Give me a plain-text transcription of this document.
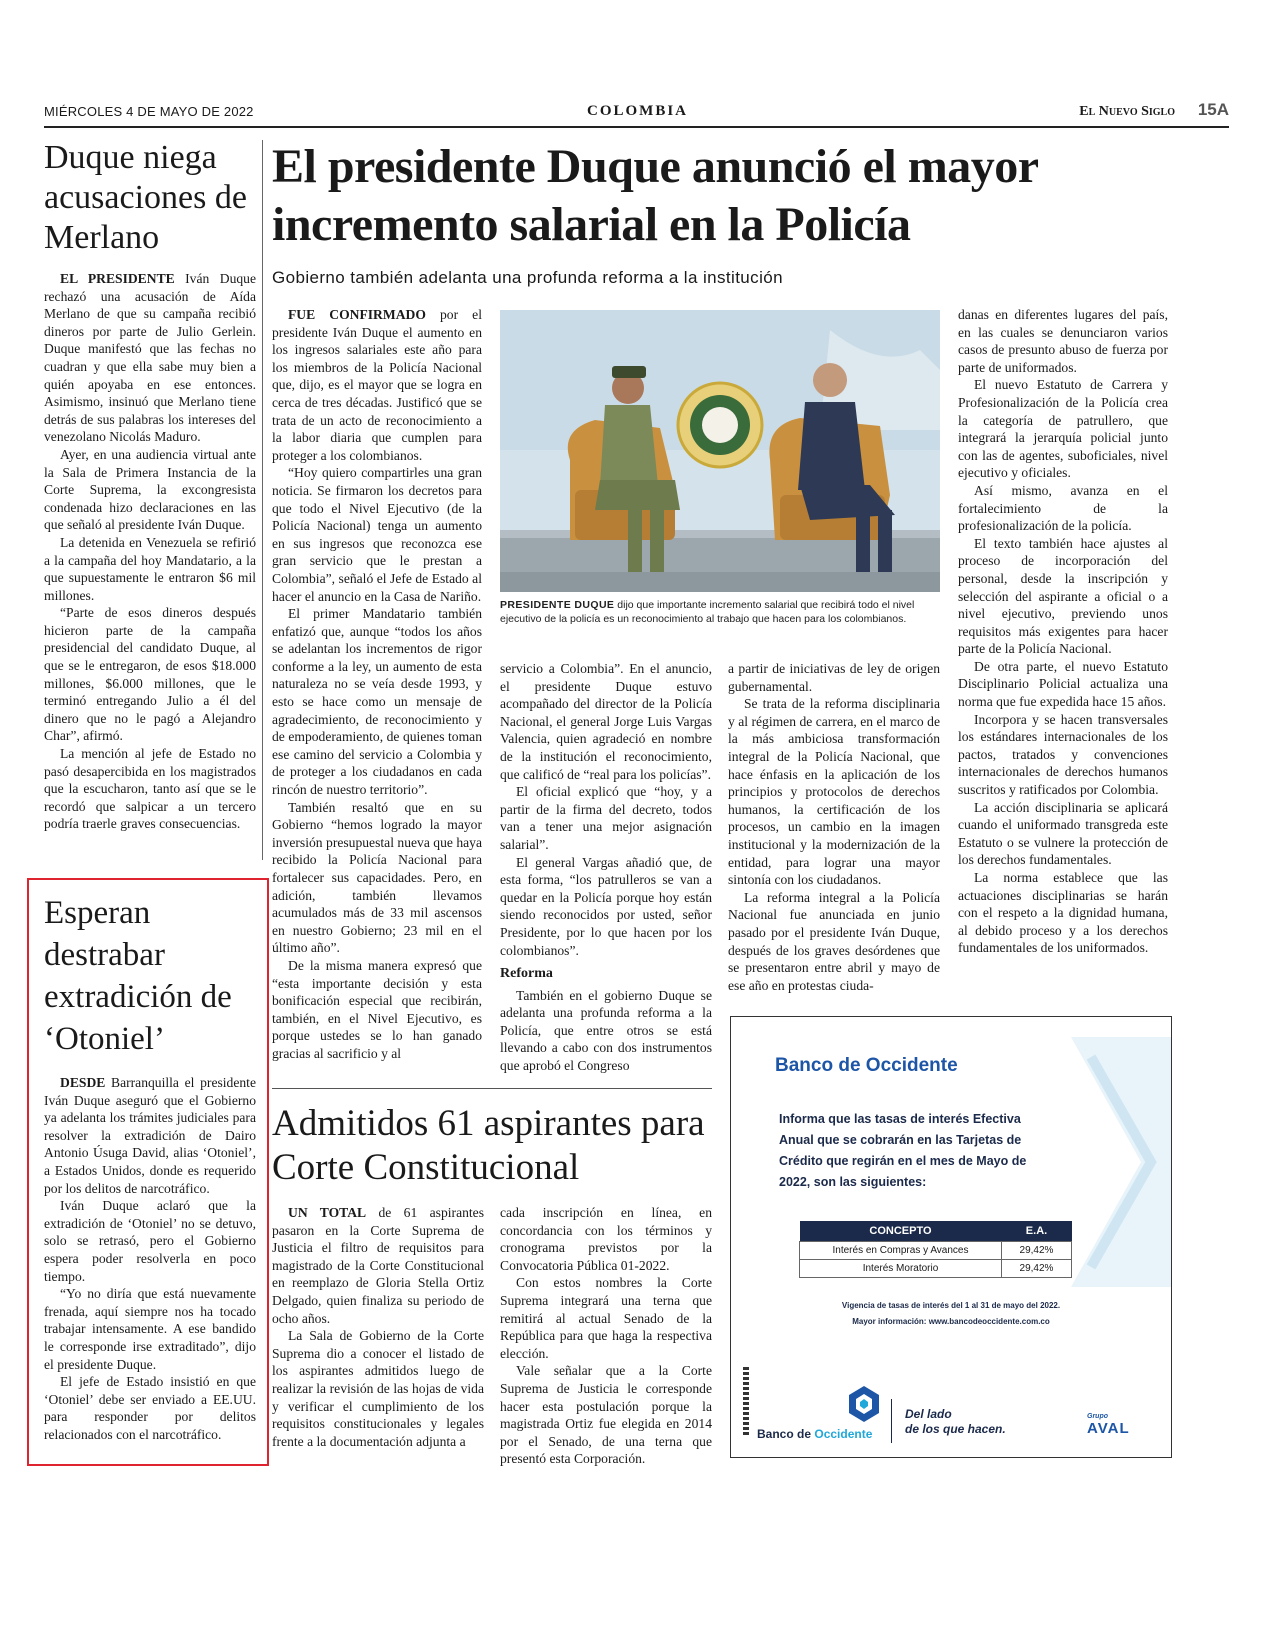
MIÉRCOLES 4 DE MAYO DE 2022	COLOMBIA	El Nuevo Siglo 15A
Duque niega acusaciones de Merlano

EL PRESIDENTE Iván Duque rechazó una acusación de Aída Merlano de que su campaña recibió dineros por parte de Julio Gerlein. Duque manifestó que las fechas no cuadran y que ella sabe muy bien a quién apoyaba en ese entonces. Asimismo, insinuó que Merlano tiene detrás de sus palabras los intereses del venezolano Nicolás Maduro.

Ayer, en una audiencia virtual ante la Sala de Primera Instancia de la Corte Suprema, la excongresista condenada hizo declaraciones en las que señaló al presidente Iván Duque.

La detenida en Venezuela se refirió a la campaña del hoy Mandatario, a la que supuestamente le entraron $6 mil millones.

“Parte de esos dineros después hicieron parte de la campaña presidencial del candidato Duque, al que se le entregaron, de esos $18.000 millones, $6.000 millones, que le terminó entregando Julio a él del dinero que no le pagó a Alejandro Char”, afirmó.

La mención al jefe de Estado no pasó desapercibida en los magistrados que la escucharon, tanto así que se le recordó que salpicar a un tercero podría traerle graves consecuencias.

Esperan destrabar extradición de ‘Otoniel’

DESDE Barranquilla el presidente Iván Duque aseguró que el Gobierno ya adelanta los trámites judiciales para resolver la extradición de Dairo Antonio Úsuga David, alias ‘Otoniel’, a Estados Unidos, donde es requerido por los delitos de narcotráfico.

Iván Duque aclaró que la extradición de ‘Otoniel’ no se detuvo, solo se retrasó, pero el Gobierno espera poder resolverla en poco tiempo.

“Yo no diría que está nuevamente frenada, aquí siempre nos ha tocado trabajar intensamente. A ese bandido le corresponde irse extraditado”, dijo el presidente Duque.

El jefe de Estado insistió en que ‘Otoniel’ debe ser enviado a EE.UU. para responder por delitos relacionados con el narcotráfico.

El presidente Duque anunció el mayor incremento salarial en la Policía
Gobierno también adelanta una profunda reforma a la institución

FUE CONFIRMADO por el presidente Iván Duque el aumento en los ingresos salariales este año para los miembros de la Policía Nacional que, dijo, es el mayor que se logra en cerca de tres décadas. Justificó que se trata de un acto de reconocimiento a la labor diaria que cumplen para proteger a los colombianos.

“Hoy quiero compartirles una gran noticia. Se firmaron los decretos para que todo el Nivel Ejecutivo (de la Policía Nacional) tenga un aumento en sus ingresos que reconozca ese gran servicio que le prestan a Colombia”, señaló el Jefe de Estado al hacer el anuncio en la Casa de Nariño.

El primer Mandatario también enfatizó que, aunque “todos los años se adelantan los incrementos de rigor conforme a la ley, un aumento de esta naturaleza no se veía desde 1993, y esto se hace como un mensaje de agradecimiento, de reconocimiento y de empoderamiento, de quienes toman ese camino del servicio a Colombia y de proteger a los ciudadanos en cada rincón de nuestro territorio”.

También resaltó que en su Gobierno “hemos logrado la mayor inversión presupuestal nueva que haya recibido la Policía Nacional para fortalecer sus capacidades. Pero, en adición, también llevamos acumulados más de 33 mil ascensos en nuestro Gobierno; 23 mil en el último año”.

De la misma manera expresó que “esta importante decisión y esta bonificación especial que recibirán, también, en el Nivel Ejecutivo, es porque ustedes se lo han ganado gracias al sacrificio y al

PRESIDENTE DUQUE dijo que importante incremento salarial que recibirá todo el nivel ejecutivo de la policía es un reconocimiento al trabajo que hacen para los colombianos.

servicio a Colombia”. En el anuncio, el presidente Duque estuvo acompañado del director de la Policía Nacional, el general Jorge Luis Vargas Valencia, quien agradeció en nombre de la institución el reconocimiento, que calificó de “real para los policías”.

El oficial explicó que “hoy, y a partir de la firma del decreto, todos van a tener una mejor asignación salarial”.

El general Vargas añadió que, de esta forma, “los patrulleros se van a quedar en la Policía porque hoy están siendo reconocidos por usted, señor Presidente, por lo que hacen por los colombianos”.

Reforma

También en el gobierno Duque se adelanta una profunda reforma a la Policía, que entre otros se está llevando a cabo con dos instrumentos que aprobó el Congreso

a partir de iniciativas de ley de origen gubernamental.

Se trata de la reforma disciplinaria y al régimen de carrera, en el marco de la más ambiciosa transformación integral de la Policía Nacional, que hace énfasis en la aplicación de los principios y protocolos de derechos humanos, la certificación de los procesos, un cambio en la imagen institucional y la modernización de la entidad, para lograr una mayor sintonía con los ciudadanos.

La reforma integral a la Policía Nacional fue anunciada en junio pasado por el presidente Iván Duque, después de los graves desórdenes que se presentaron entre abril y mayo de ese año en protestas ciuda-

danas en diferentes lugares del país, en las cuales se denunciaron varios casos de presunto abuso de fuerza por parte de uniformados.

El nuevo Estatuto de Carrera y Profesionalización de la Policía crea la categoría de patrullero, que integrará la jerarquía policial junto con las de agentes, suboficiales, nivel ejecutivo y oficiales.

Así mismo, avanza en el fortalecimiento de la profesionalización de la policía.

El texto también hace ajustes al proceso de incorporación del personal, desde la inscripción y selección del aspirante a oficial o a nivel ejecutivo, previendo unos requisitos más exigentes para hacer parte de la Policía Nacional.

De otra parte, el nuevo Estatuto Disciplinario Policial actualiza una norma que fue expedida hace 15 años.

Incorpora y se hacen transversales los estándares internacionales de los pactos, tratados y convenciones internacionales de derechos humanos suscritos y ratificados por Colombia.

La acción disciplinaria se aplicará cuando el uniformado transgreda este Estatuto o se vulnere la protección de los derechos fundamentales.

La norma establece que las actuaciones disciplinarias se harán con el respeto a la dignidad humana, al debido proceso y a los derechos fundamentales de los uniformados.

Admitidos 61 aspirantes para Corte Constitucional

UN TOTAL de 61 aspirantes pasaron en la Corte Suprema de Justicia el filtro de requisitos para magistrado de la Corte Constitucional en reemplazo de Gloria Stella Ortiz Delgado, quien finaliza su periodo de ocho años.

La Sala de Gobierno de la Corte Suprema dio a conocer el listado de los aspirantes admitidos luego de realizar la revisión de las hojas de vida y verificar el cumplimiento de los requisitos constitucionales y legales frente a la documentación adjunta a

cada inscripción en línea, en concordancia con los términos y cronograma previstos por la Convocatoria Pública 01-2022.

Con estos nombres la Corte Suprema integrará una terna que remitirá al actual Senado de la República para que haga la respectiva elección.

Vale señalar que a la Corte Suprema de Justicia le corresponde hacer esta postulación porque la magistrada Ortiz fue elegida en 2014 por el Senado, de una terna que presentó esta Corporación.

Banco de Occidente
Informa que las tasas de interés Efectiva Anual que se cobrarán en las Tarjetas de Crédito que regirán en el mes de Mayo de 2022, son las siguientes:
CONCEPTO	E.A.
Interés en Compras y Avances	29,42%
Interés Moratorio	29,42%
Vigencia de tasas de interés del 1 al 31 de mayo del 2022.
Mayor información: www.bancodeoccidente.com.co
Banco de Occidente
Del lado
de los que hacen.
Grupo
AVAL
